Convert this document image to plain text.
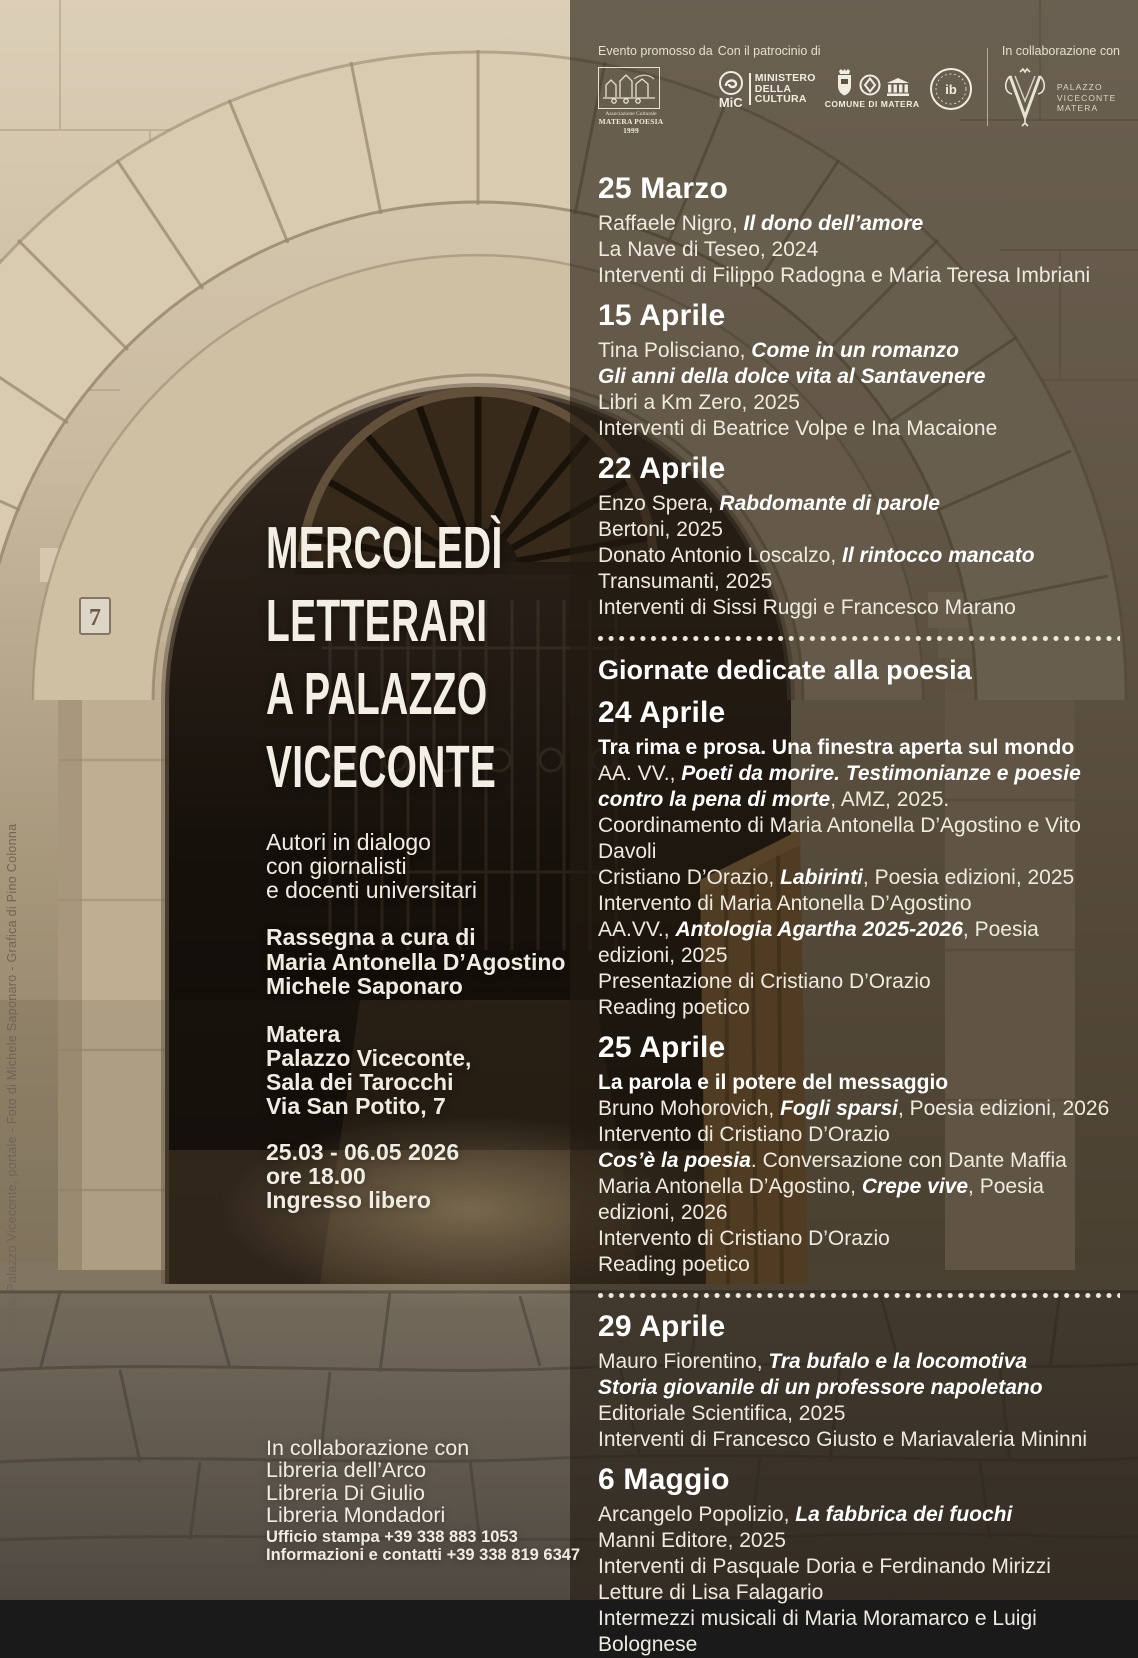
7
Matera, Palazzo Viceconte, portale - Foto di Michele Saponaro - Grafica di Pino Colonna
MERCOLEDÌ
LETTERARI
A PALAZZO
VICECONTE
Autori in dialogo
con giornalisti
e docenti universitari
Rassegna a cura di
Maria Antonella D’Agostino
Michele Saponaro
Matera
Palazzo Viceconte,
Sala dei Tarocchi
Via San Potito, 7
25.03 - 06.05 2026
ore 18.00
Ingresso libero
In collaborazione con
Libreria dell’Arco
Libreria Di Giulio
Libreria Mondadori
Ufficio stampa +39 338 883 1053
Informazioni e contatti +39 338 819 6347
Evento promosso da
Associazione Culturale
MATERA POESIA 1999
Con il patrocinio di
MiC
MINISTERO
DELLA
CULTURA	COMUNE DI MATERA
ib
In collaborazione con
PALAZZO
VICECONTE
MATERA
25 Marzo

Raffaele Nigro, Il dono dell’amore

La Nave di Teseo, 2024

Interventi di Filippo Radogna e Maria Teresa Imbriani

15 Aprile

Tina Polisciano, Come in un romanzo

Gli anni della dolce vita al Santavenere

Libri a Km Zero, 2025

Interventi di Beatrice Volpe e Ina Macaione

22 Aprile

Enzo Spera, Rabdomante di parole

Bertoni, 2025

Donato Antonio Loscalzo, Il rintocco mancato

Transumanti, 2025

Interventi di Sissi Ruggi e Francesco Marano

Giornate dedicate alla poesia
24 Aprile

Tra rima e prosa. Una finestra aperta sul mondo

AA. VV., Poeti da morire. Testimonianze e poesie

contro la pena di morte, AMZ, 2025.

Coordinamento di Maria Antonella D’Agostino e Vito Davoli

Cristiano D’Orazio, Labirinti, Poesia edizioni, 2025

Intervento di Maria Antonella D’Agostino

AA.VV., Antologia Agartha 2025-2026, Poesia edizioni, 2025

Presentazione di Cristiano D’Orazio

Reading poetico

25 Aprile

La parola e il potere del messaggio

Bruno Mohorovich, Fogli sparsi, Poesia edizioni, 2026

Intervento di Cristiano D’Orazio

Cos’è la poesia. Conversazione con Dante Maffia

Maria Antonella D’Agostino, Crepe vive, Poesia edizioni, 2026

Intervento di Cristiano D’Orazio

Reading poetico

29 Aprile

Mauro Fiorentino, Tra bufalo e la locomotiva

Storia giovanile di un professore napoletano

Editoriale Scientifica, 2025

Interventi di Francesco Giusto e Mariavaleria Mininni

6 Maggio

Arcangelo Popolizio, La fabbrica dei fuochi

Manni Editore, 2025

Interventi di Pasquale Doria e Ferdinando Mirizzi

Letture di Lisa Falagario

Intermezzi musicali di Maria Moramarco e Luigi Bolognese
